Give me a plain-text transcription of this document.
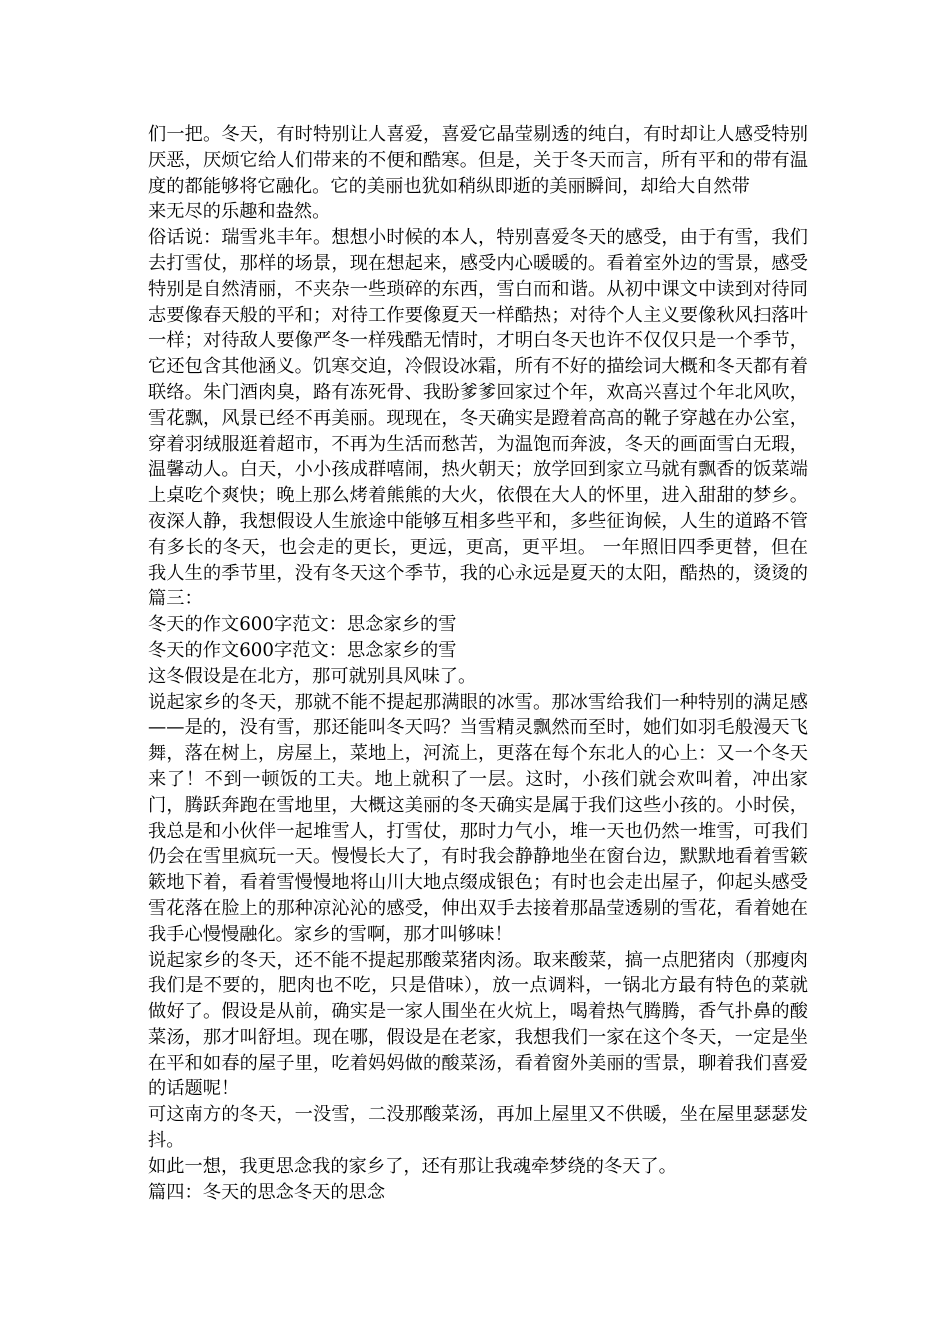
们一把。冬天，有时特别让人喜爱，喜爱它晶莹剔透的纯白，有时却让人感受特别厌恶，厌烦它给人们带来的不便和酷寒。但是，关于冬天而言，所有平和的带有温度的都能够将它融化。它的美丽也犹如稍纵即逝的美丽瞬间，却给大自然带

来无尽的乐趣和盎然。

俗话说：瑞雪兆丰年。想想小时候的本人，特别喜爱冬天的感受，由于有雪，我们去打雪仗，那样的场景，现在想起来，感受内心暖暖的。看着室外边的雪景，感受特别是自然清丽，不夹杂一些琐碎的东西，雪白而和谐。从初中课文中读到对待同志要像春天般的平和；对待工作要像夏天一样酷热；对待个人主义要像秋风扫落叶一样；对待敌人要像严冬一样残酷无情时，才明白冬天也许不仅仅只是一个季节，它还包含其他涵义。饥寒交迫，冷假设冰霜，所有不好的描绘词大概和冬天都有着联络。朱门酒肉臭，路有冻死骨、我盼爹爹回家过个年，欢高兴喜过个年北风吹，雪花飘，风景已经不再美丽。现现在，冬天确实是蹬着高高的靴子穿越在办公室，穿着羽绒服逛着超市，不再为生活而愁苦，为温饱而奔波，冬天的画面雪白无瑕，温馨动人。白天，小小孩成群嘻闹，热火朝天；放学回到家立马就有飘香的饭菜端上桌吃个爽快；晚上那么烤着熊熊的大火，依偎在大人的怀里，进入甜甜的梦乡。夜深人静，我想假设人生旅途中能够互相多些平和，多些征询候，人生的道路不管有多长的冬天，也会走的更长，更远，更高，更平坦。 一年照旧四季更替，但在我人生的季节里，没有冬天这个季节，我的心永远是夏天的太阳，酷热的，烫烫的 篇三：

冬天的作文600字范文：思念家乡的雪

冬天的作文600字范文：思念家乡的雪

这冬假设是在北方，那可就别具风味了。

说起家乡的冬天，那就不能不提起那满眼的冰雪。那冰雪给我们一种特别的满足感——是的，没有雪，那还能叫冬天吗？当雪精灵飘然而至时，她们如羽毛般漫天飞舞，落在树上，房屋上，菜地上，河流上，更落在每个东北人的心上：又一个冬天来了！不到一顿饭的工夫。地上就积了一层。这时，小孩们就会欢叫着，冲出家门，腾跃奔跑在雪地里，大概这美丽的冬天确实是属于我们这些小孩的。小时侯，我总是和小伙伴一起堆雪人，打雪仗，那时力气小，堆一天也仍然一堆雪，可我们仍会在雪里疯玩一天。慢慢长大了，有时我会静静地坐在窗台边，默默地看着雪簌簌地下着，看着雪慢慢地将山川大地点缀成银色；有时也会走出屋子，仰起头感受雪花落在脸上的那种凉沁沁的感受，伸出双手去接着那晶莹透剔的雪花，看着她在我手心慢慢融化。家乡的雪啊，那才叫够味！

说起家乡的冬天，还不能不提起那酸菜猪肉汤。取来酸菜，搞一点肥猪肉（那瘦肉我们是不要的，肥肉也不吃，只是借味），放一点调料，一锅北方最有特色的菜就做好了。假设是从前，确实是一家人围坐在火炕上，喝着热气腾腾，香气扑鼻的酸菜汤，那才叫舒坦。现在哪，假设是在老家，我想我们一家在这个冬天，一定是坐在平和如春的屋子里，吃着妈妈做的酸菜汤，看着窗外美丽的雪景，聊着我们喜爱的话题呢！

可这南方的冬天，一没雪，二没那酸菜汤，再加上屋里又不供暖，坐在屋里瑟瑟发抖。

如此一想，我更思念我的家乡了，还有那让我魂牵梦绕的冬天了。

篇四：冬天的思念冬天的思念
